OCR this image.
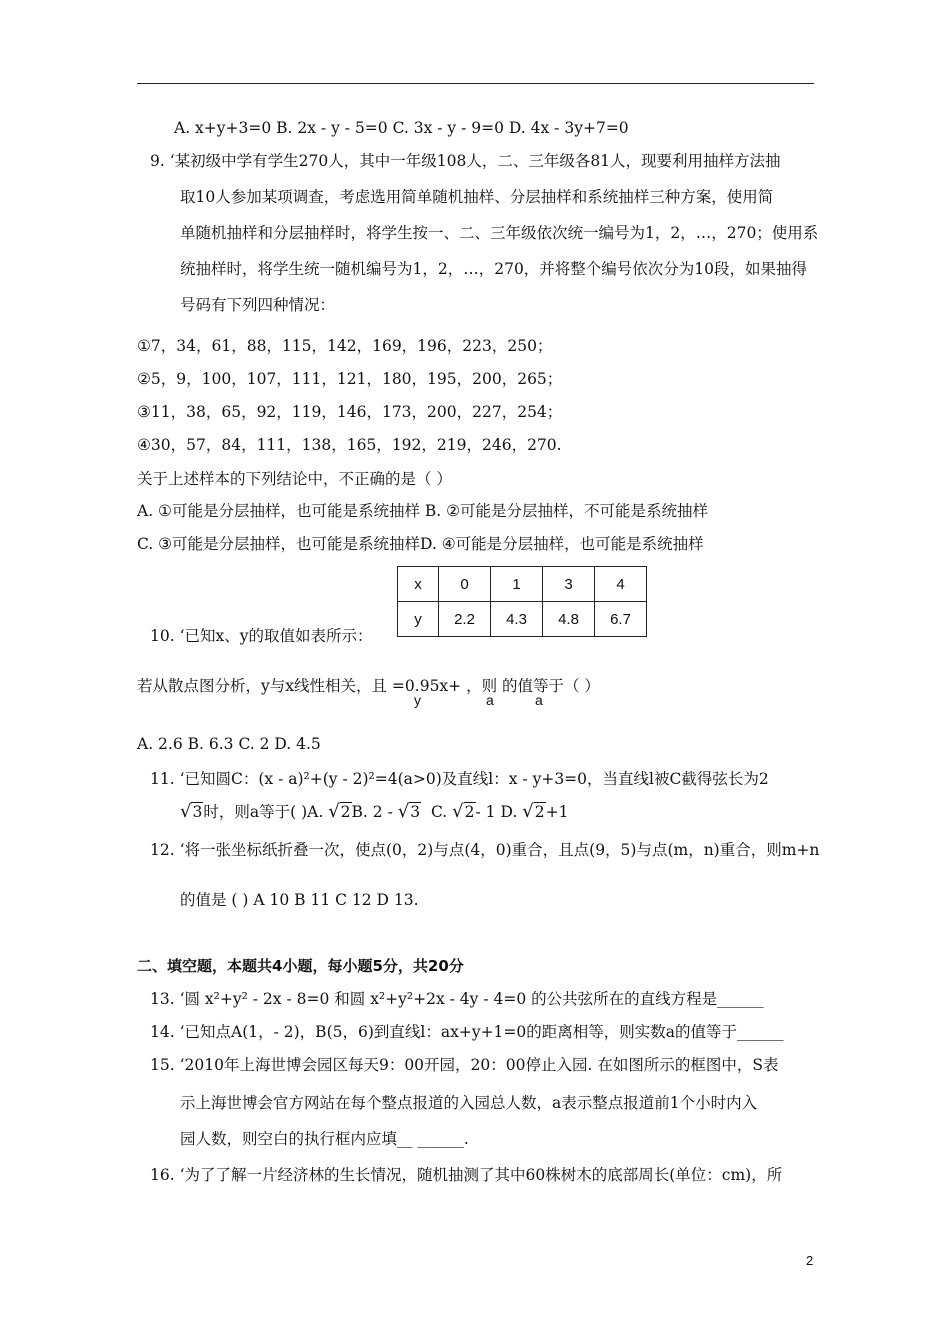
A. x+y+3=0 B. 2x - y - 5=0 C. 3x - y - 9=0 D. 4x - 3y+7=0
9. ‘某初级中学有学生270人，其中一年级108人，二、三年级各81人，现要利用抽样方法抽
取10人参加某项调查，考虑选用简单随机抽样、分层抽样和系统抽样三种方案，使用简
单随机抽样和分层抽样时，将学生按一、二、三年级依次统一编号为1，2，…，270；使用系
统抽样时，将学生统一随机编号为1，2，…，270，并将整个编号依次分为10段，如果抽得
号码有下列四种情况：
①7，34，61，88，115，142，169，196，223，250；
②5，9，100，107，111，121，180，195，200，265；
③11，38，65，92，119，146，173，200，227，254；
④30，57，84，111，138，165，192，219，246，270.
关于上述样本的下列结论中，不正确的是（ ）
A. ①可能是分层抽样，也可能是系统抽样 B. ②可能是分层抽样，不可能是系统抽样
C. ③可能是分层抽样，也可能是系统抽样D. ④可能是分层抽样，也可能是系统抽样
x	0	1	3	4
y	2.2	4.3	4.8	6.7
10. ‘已知x、y的取值如表所示：
若从散点图分析，y与x线性相关，且 =0.95x+ ，则 的值等于（ ）
y	a	a
A. 2.6 B. 6.3 C. 2 D. 4.5
11. ‘已知圆C：(x - a)²+(y - 2)²=4(a>0)及直线l：x - y+3=0，当直线l被C截得弦长为2
√3时，则a等于( )A. √2B. 2 - √3 C. √2- 1 D. √2+1
12. ‘将一张坐标纸折叠一次，使点(0，2)与点(4，0)重合，且点(9，5)与点(m，n)重合，则m+n
的值是 ( ) A 10 B 11 C 12 D 13.
二、填空题，本题共4小题，每小题5分，共20分
13. ‘圆 x²+y² - 2x - 8=0 和圆 x²+y²+2x - 4y - 4=0 的公共弦所在的直线方程是______
14. ‘已知点A(1，- 2)，B(5，6)到直线l：ax+y+1=0的距离相等，则实数a的值等于______
15. ‘2010年上海世博会园区每天9：00开园，20：00停止入园. 在如图所示的框图中，S表
示上海世博会官方网站在每个整点报道的入园总人数，a表示整点报道前1个小时内入
园人数，则空白的执行框内应填__ ______.
16. ‘为了了解一片经济林的生长情况，随机抽测了其中60株树木的底部周长(单位：cm)，所
2
